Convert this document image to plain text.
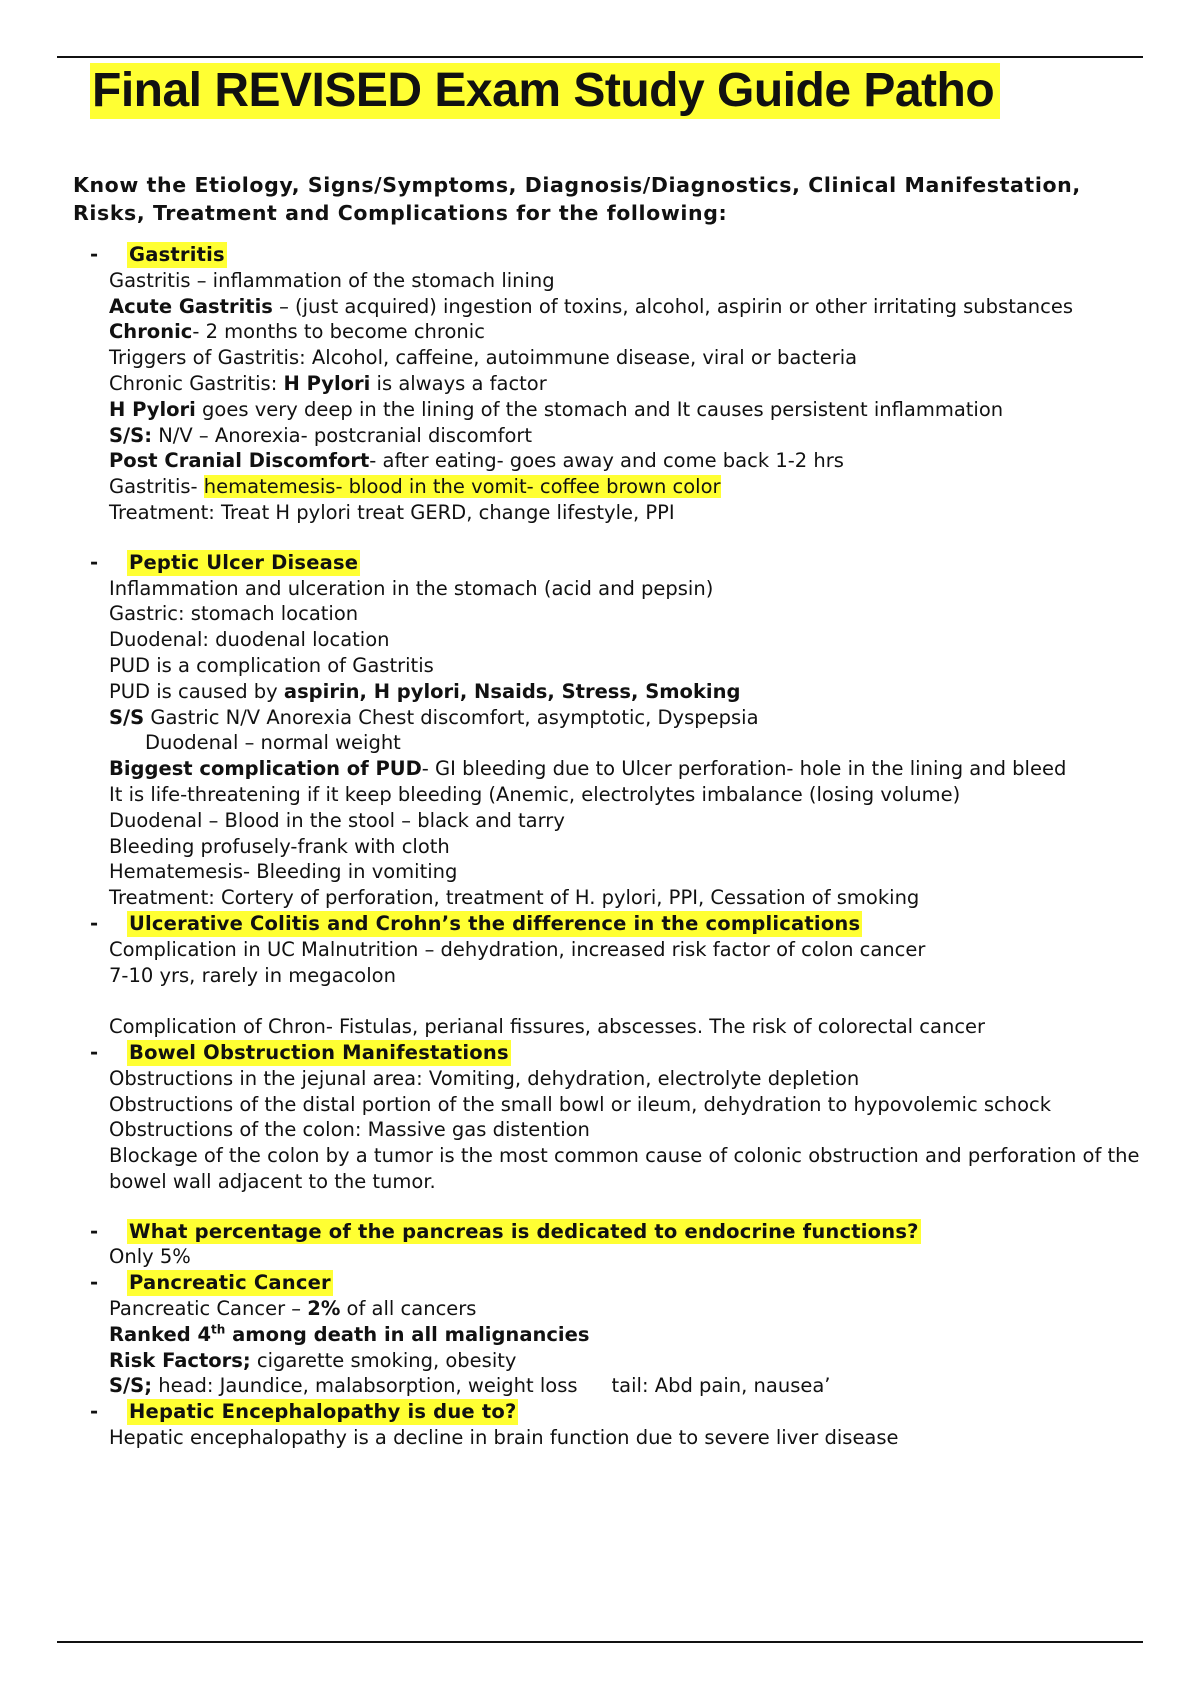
Final REVISED Exam Study Guide Patho

Know the Etiology, Signs/Symptoms, Diagnosis/Diagnostics, Clinical Manifestation, Risks, Treatment and Complications for the following:

- Gastritis
Gastritis – inflammation of the stomach lining
Acute Gastritis – (just acquired) ingestion of toxins, alcohol, aspirin or other irritating substances
Chronic- 2 months to become chronic
Triggers of Gastritis: Alcohol, caffeine, autoimmune disease, viral or bacteria
Chronic Gastritis: H Pylori is always a factor
H Pylori goes very deep in the lining of the stomach and It causes persistent inflammation
S/S: N/V – Anorexia- postcranial discomfort
Post Cranial Discomfort- after eating- goes away and come back 1-2 hrs
Gastritis- hematemesis- blood in the vomit- coffee brown color
Treatment: Treat H pylori treat GERD, change lifestyle, PPI
- Peptic Ulcer Disease
Inflammation and ulceration in the stomach (acid and pepsin)
Gastric: stomach location
Duodenal: duodenal location
PUD is a complication of Gastritis
PUD is caused by aspirin, H pylori, Nsaids, Stress, Smoking
S/S Gastric N/V Anorexia Chest discomfort, asymptotic, Dyspepsia
Duodenal – normal weight
Biggest complication of PUD- GI bleeding due to Ulcer perforation- hole in the lining and bleed
It is life-threatening if it keep bleeding (Anemic, electrolytes imbalance (losing volume)
Duodenal – Blood in the stool – black and tarry
Bleeding profusely-frank with cloth
Hematemesis- Bleeding in vomiting
Treatment: Cortery of perforation, treatment of H. pylori, PPI, Cessation of smoking
- Ulcerative Colitis and Crohn’s the difference in the complications
Complication in UC Malnutrition – dehydration, increased risk factor of colon cancer
7-10 yrs, rarely in megacolon
Complication of Chron- Fistulas, perianal fissures, abscesses. The risk of colorectal cancer
- Bowel Obstruction Manifestations
Obstructions in the jejunal area: Vomiting, dehydration, electrolyte depletion
Obstructions of the distal portion of the small bowl or ileum, dehydration to hypovolemic schock
Obstructions of the colon: Massive gas distention
Blockage of the colon by a tumor is the most common cause of colonic obstruction and perforation of the bowel wall adjacent to the tumor.
- What percentage of the pancreas is dedicated to endocrine functions?
Only 5%
- Pancreatic Cancer
Pancreatic Cancer – 2% of all cancers
Ranked 4th among death in all malignancies
Risk Factors; cigarette smoking, obesity
S/S; head: Jaundice, malabsorption, weight loss tail: Abd pain, nausea’
- Hepatic Encephalopathy is due to?
Hepatic encephalopathy is a decline in brain function due to severe liver disease
